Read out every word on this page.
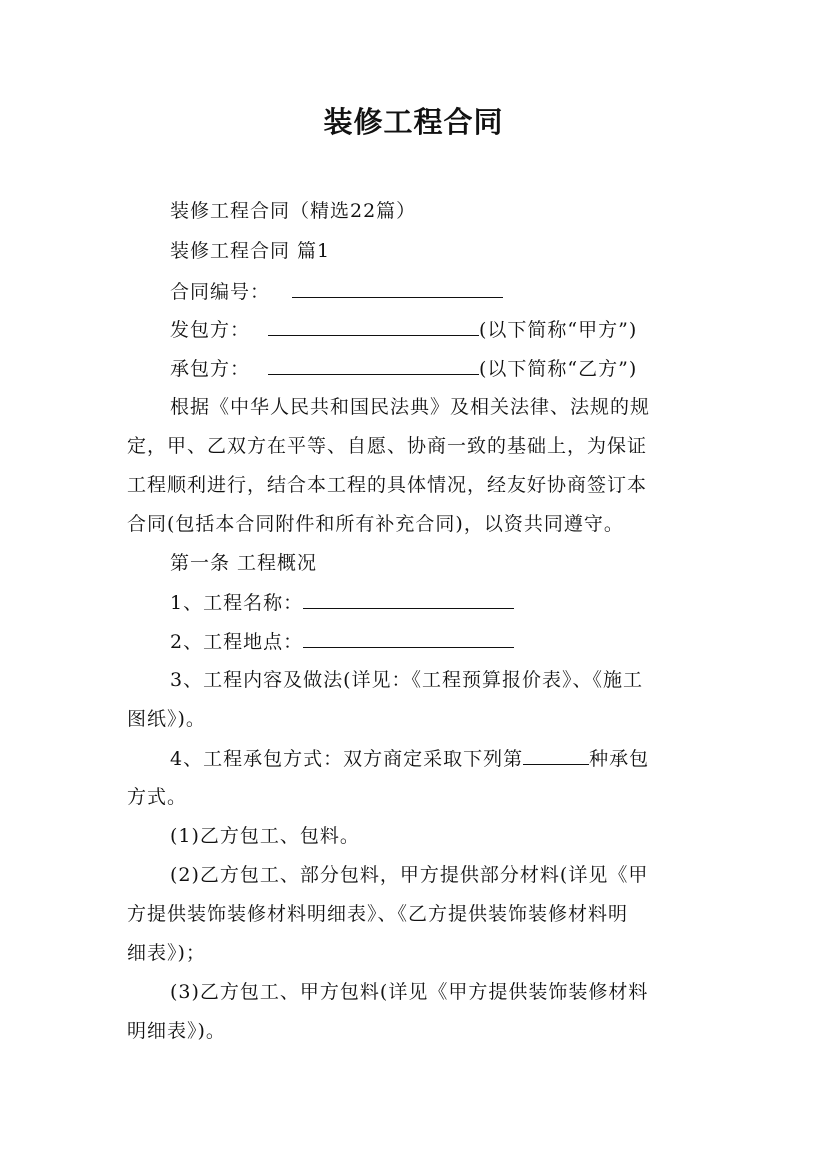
装修工程合同
装修工程合同（精选22篇）
装修工程合同 篇1
合同编号：
发包方：	(以下简称“甲方”)
承包方：	(以下简称“乙方”)
根据《中华人民共和国民法典》及相关法律、法规的规
定，甲、乙双方在平等、自愿、协商一致的基础上，为保证
工程顺利进行，结合本工程的具体情况，经友好协商签订本
合同(包括本合同附件和所有补充合同)，以资共同遵守。
第一条 工程概况
1、工程名称：
2、工程地点：
3、工程内容及做法(详见：《工程预算报价表》、《施工
图纸》)。
4、工程承包方式：双方商定采取下列第	种承包
方式。
(1)乙方包工、包料。
(2)乙方包工、部分包料，甲方提供部分材料(详见《甲
方提供装饰装修材料明细表》、《乙方提供装饰装修材料明
细表》)；
(3)乙方包工、甲方包料(详见《甲方提供装饰装修材料
明细表》)。
